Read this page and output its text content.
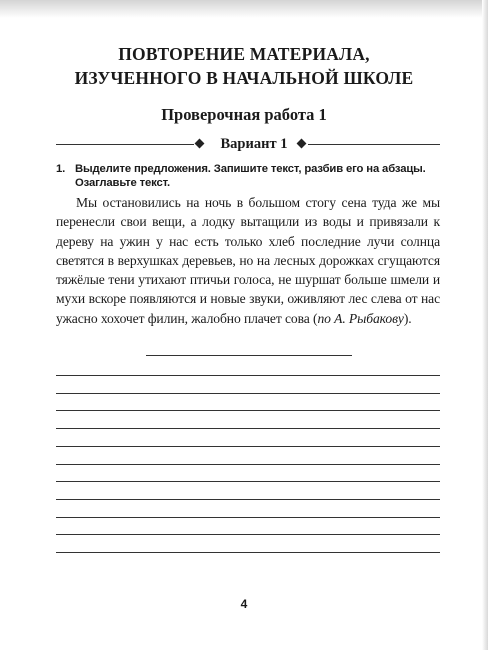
ПОВТОРЕНИЕ МАТЕРИАЛА,
ИЗУЧЕННОГО В НАЧАЛЬНОЙ ШКОЛЕ
Проверочная работа 1
Вариант 1
1. Выделите предложения. Запишите текст, разбив его на абзацы. Озаглавьте текст.
Мы остановились на ночь в большом стогу сена туда же мы перенесли свои вещи, а лодку вытащили из воды и привязали к дереву на ужин у нас есть только хлеб последние лучи солнца светятся в верхушках деревьев, но на лесных дорожках сгущаются тяжёлые тени утихают птичьи голоса, не шуршат больше шмели и мухи вскоре появляются и новые звуки, оживляют лес слева от нас ужасно хохочет филин, жалобно плачет сова (по А. Рыбакову).
4
